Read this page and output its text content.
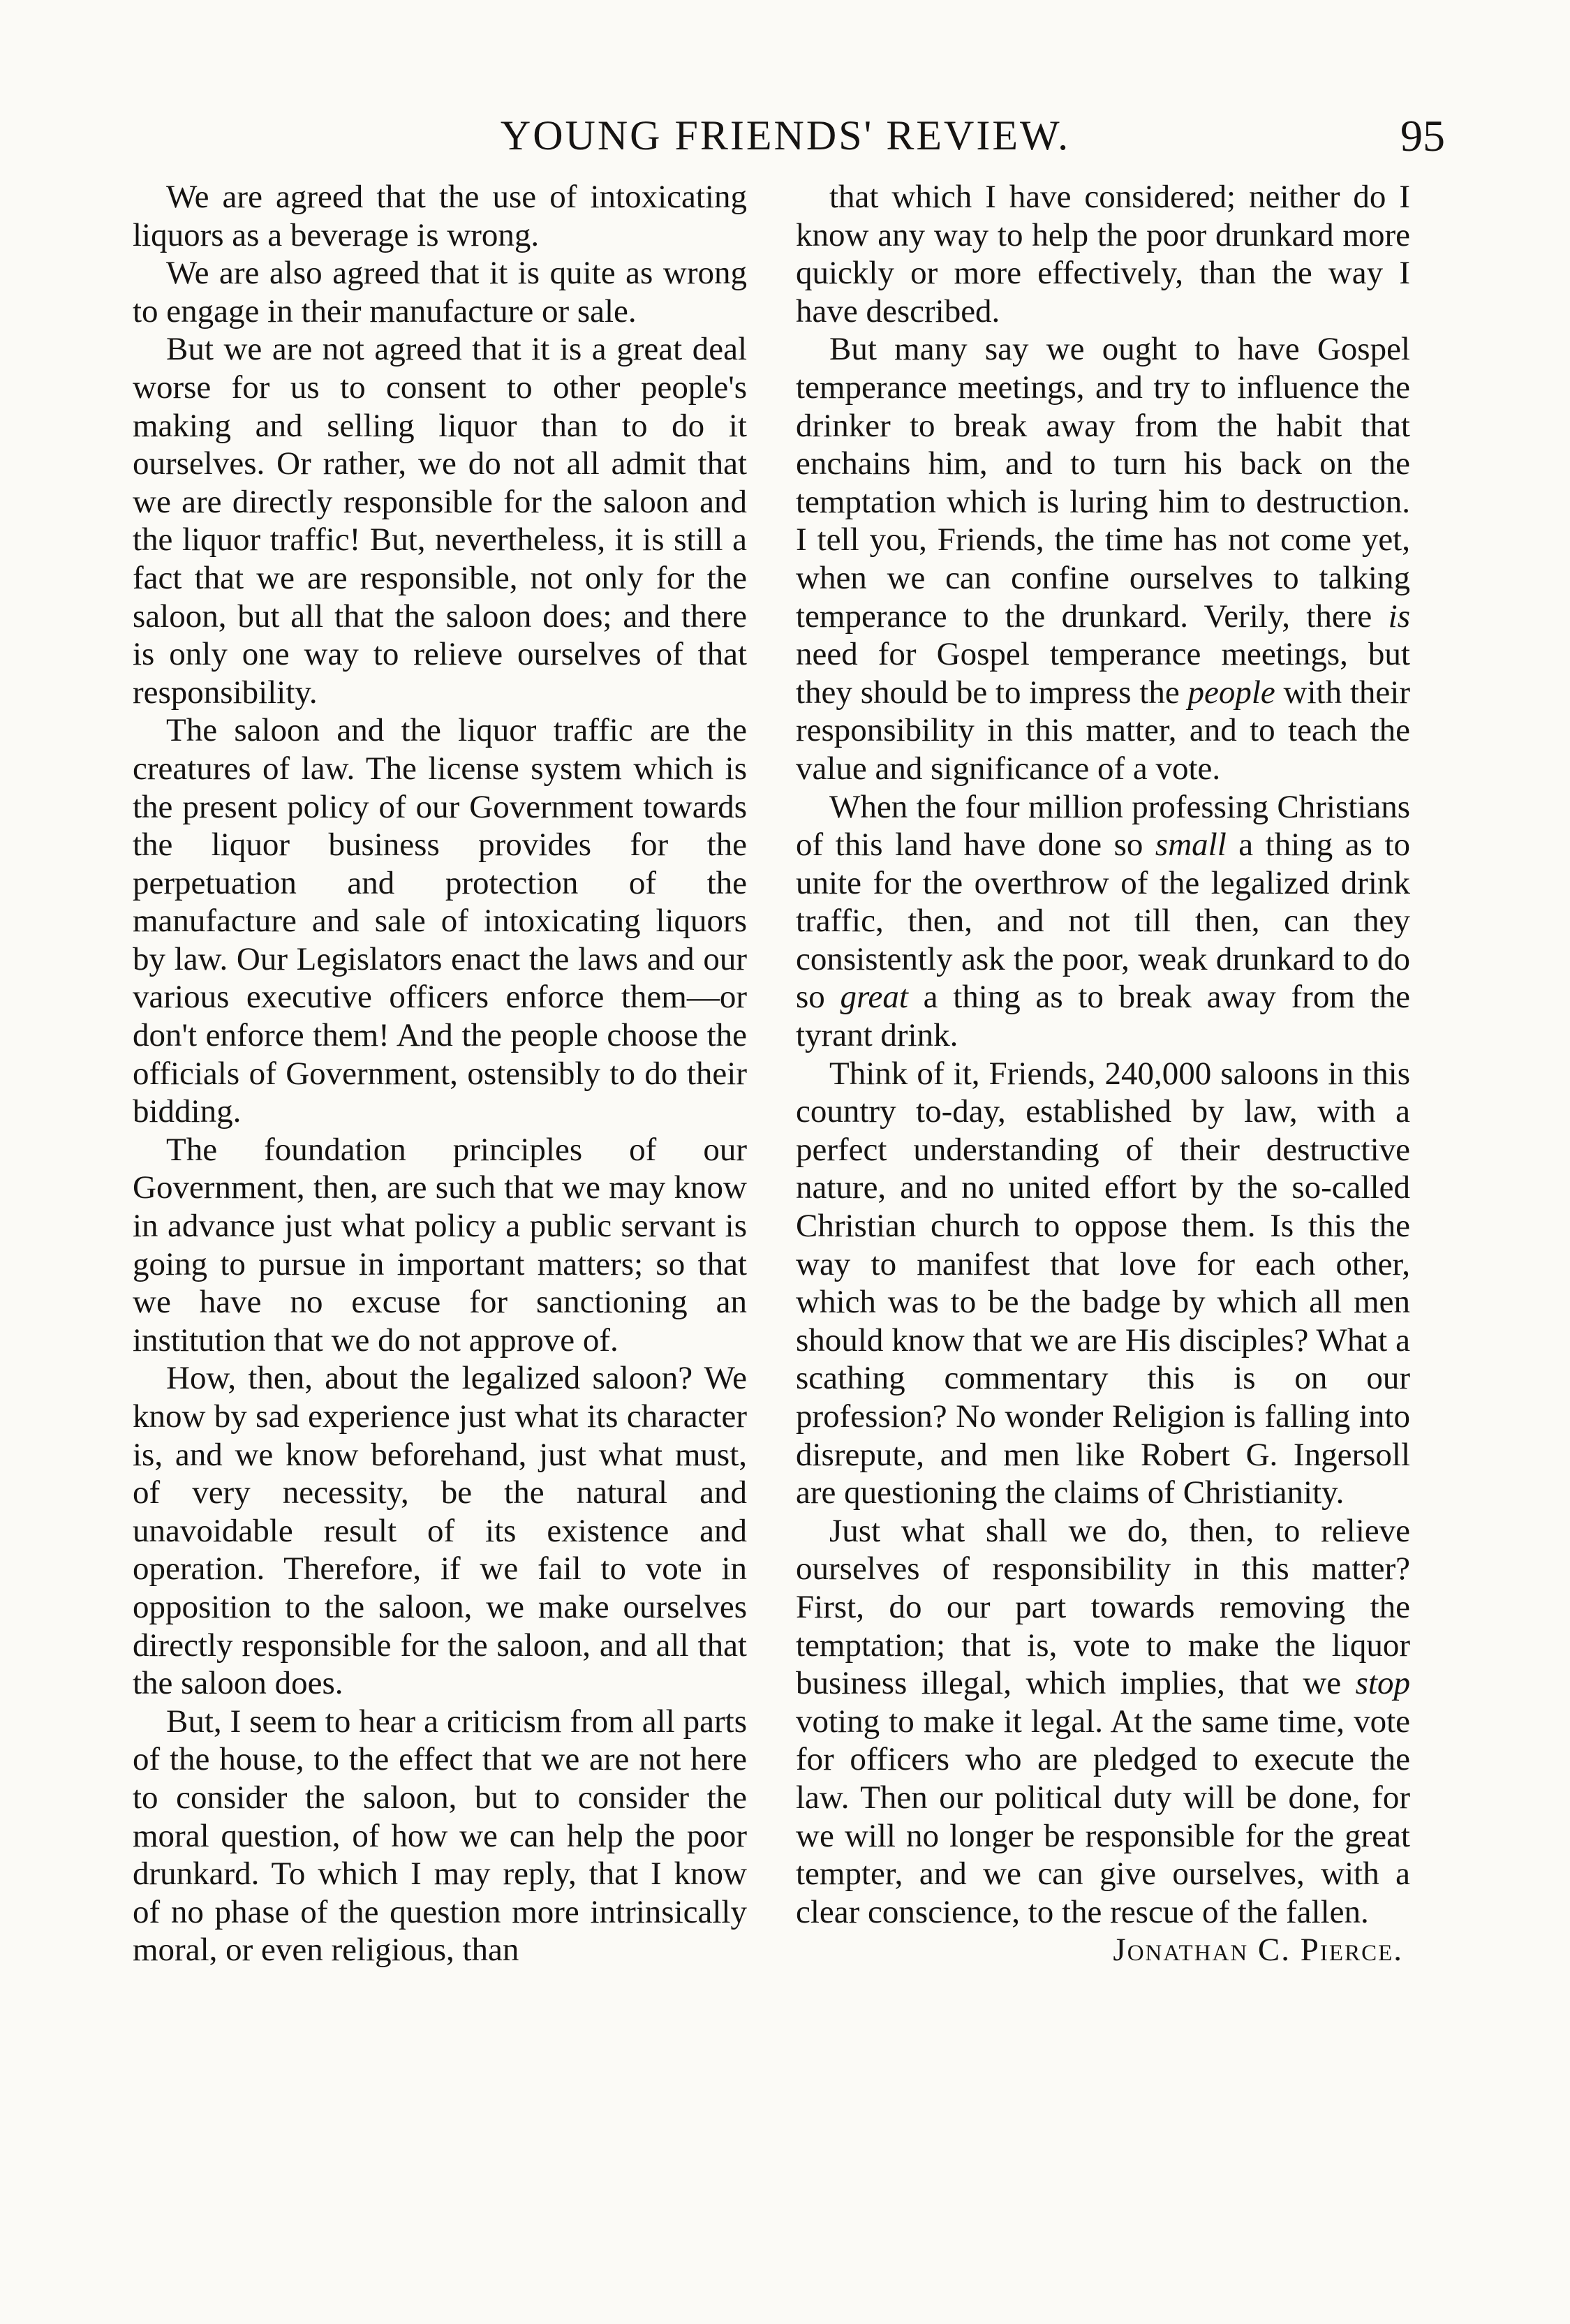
YOUNG FRIENDS' REVIEW.	95

We are agreed that the use of intoxicating liquors as a beverage is wrong.

We are also agreed that it is quite as wrong to engage in their manufacture or sale.

But we are not agreed that it is a great deal worse for us to consent to other people's making and selling liquor than to do it ourselves. Or rather, we do not all admit that we are directly responsible for the saloon and the liquor traffic! But, nevertheless, it is still a fact that we are responsible, not only for the saloon, but all that the saloon does; and there is only one way to relieve ourselves of that responsibility.

The saloon and the liquor traffic are the creatures of law. The license system which is the present policy of our Government towards the liquor business provides for the perpetuation and protection of the manufacture and sale of intoxicating liquors by law. Our Legislators enact the laws and our various executive officers enforce them—or don't enforce them! And the people choose the officials of Government, ostensibly to do their bidding.

The foundation principles of our Government, then, are such that we may know in advance just what policy a public servant is going to pursue in important matters; so that we have no excuse for sanctioning an institution that we do not approve of.

How, then, about the legalized saloon? We know by sad experience just what its character is, and we know beforehand, just what must, of very necessity, be the natural and unavoidable result of its existence and operation. Therefore, if we fail to vote in opposition to the saloon, we make ourselves directly responsible for the saloon, and all that the saloon does.

But, I seem to hear a criticism from all parts of the house, to the effect that we are not here to consider the saloon, but to consider the moral question, of how we can help the poor drunkard. To which I may reply, that I know of no phase of the question more intrinsically moral, or even religious, than

that which I have considered; neither do I know any way to help the poor drunkard more quickly or more effectively, than the way I have described.

But many say we ought to have Gospel temperance meetings, and try to influence the drinker to break away from the habit that enchains him, and to turn his back on the temptation which is luring him to destruction. I tell you, Friends, the time has not come yet, when we can confine ourselves to talking temperance to the drunkard. Verily, there is need for Gospel temperance meetings, but they should be to impress the people with their responsibility in this matter, and to teach the value and significance of a vote.

When the four million professing Christians of this land have done so small a thing as to unite for the overthrow of the legalized drink traffic, then, and not till then, can they consistently ask the poor, weak drunkard to do so great a thing as to break away from the tyrant drink.

Think of it, Friends, 240,000 saloons in this country to-day, established by law, with a perfect understanding of their destructive nature, and no united effort by the so-called Christian church to oppose them. Is this the way to manifest that love for each other, which was to be the badge by which all men should know that we are His disciples? What a scathing commentary this is on our profession? No wonder Religion is falling into disrepute, and men like Robert G. Ingersoll are questioning the claims of Christianity.

Just what shall we do, then, to relieve ourselves of responsibility in this matter? First, do our part towards removing the temptation; that is, vote to make the liquor business illegal, which implies, that we stop voting to make it legal. At the same time, vote for officers who are pledged to execute the law. Then our political duty will be done, for we will no longer be responsible for the great tempter, and we can give ourselves, with a clear conscience, to the rescue of the fallen.

Jonathan C. Pierce.
